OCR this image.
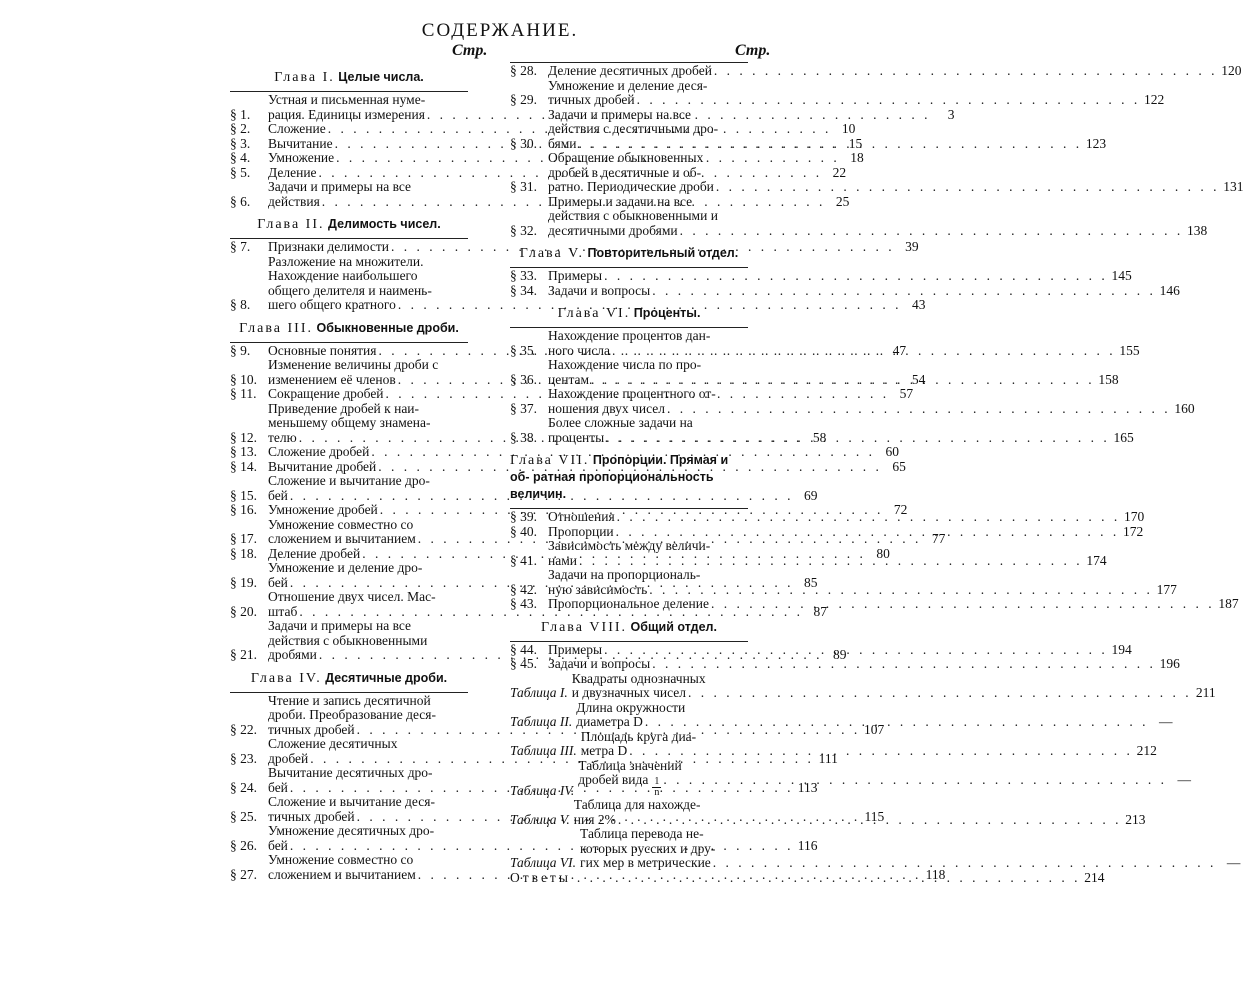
СОДЕРЖАНИЕ.
Стр.	Стр.
Глава I. Целые числа.
§ 1.
Устная и письменная нуме-
рация. Единицы измерения . . .	3
§ 2.	Сложение . . .	10
§ 3.	Вычитание . . .	15
§ 4.	Умножение . . .	18
§ 5.	Деление . . .	22
§ 6.
Задачи и примеры на все
действия . . .	25
Глава II. Делимость чисел.
§ 7.	Признаки делимости . . .	39
§ 8.
Разложение на множители.
Нахождение наибольшего
общего делителя и наимень-
шего общего кратного . . .	43
Глава III. Обыкновенные дроби.
§ 9.	Основные понятия . . .	47
§ 10.
Изменение величины дроби с
изменением её членов . . .	54
§ 11. Сокращение дробей . . .	57
§ 12.
Приведение дробей к наи-
меньшему общему знамена-
телю . . .	58
§ 13. Сложение дробей . . .	60
§ 14. Вычитание дробей . . .	65
§ 15.
Сложение и вычитание дро-
бей . . .	69
§ 16. Умножение дробей . . .	72
§ 17.
Умножение совместно со
сложением и вычитанием . . .	77
§ 18. Деление дробей . . .	80
§ 19.
Умножение и деление дро-
бей . . .	85
§ 20.
Отношение двух чисел. Мас-
штаб . . .	87
§ 21.
Задачи и примеры на все
действия с обыкновенными
дробями . . .	89
Глава IV. Десятичные дроби.
§ 22.
Чтение и запись десятичной
дроби. Преобразование деся-
тичных дробей . . .	107
§ 23.
Сложение десятичных
дробей . . .	111
§ 24.
Вычитание десятичных дро-
бей . . .	113
§ 25.
Сложение и вычитание деся-
тичных дробей . . .	115
§ 26.
Умножение десятичных дро-
бей . . .	116
§ 27.
Умножение совместно со
сложением и вычитанием . . .	118
§ 28. Деление десятичных дробей . . .	120
§ 29.
Умножение и деление деся-
тичных дробей . . .	122
§ 30.
Задачи и примеры на все
действия с десятичными дро-
бями . . .	123
§ 31.
Обращение обыкновенных
дробей в десятичные и об-
ратно. Периодические дроби . . .	131
§ 32.
Примеры и задачи на все
действия с обыкновенными и
десятичными дробями . . .	138
Глава V. Повторительный отдел.
§ 33. Примеры . . .	145
§ 34. Задачи и вопросы . . .	146
Глава VI. Проценты.
§ 35.
Нахождение процентов дан-
ного числа . . .	155
§ 36.
Нахождение числа по про-
центам . . .	158
§ 37.
Нахождение процентного от-
ношения двух чисел . . .	160
§ 38.
Более сложные задачи на
проценты . . .	165
Глава VII. Пропорции. Прямая и об- ратная пропорциональность величин.
§ 39. Отношения . . .	170
§ 40. Пропорции . . .	172
§ 41.
Зависимость между величи-
нами . . .	174
§ 42.
Задачи на пропорциональ-
ную зависимость . . .	177
§ 43. Пропорциональное деление . . .	187
Глава VIII. Общий отдел.
§ 44. Примеры . . .	194
§ 45. Задачи и вопросы . . .	196
Таблица I.
Квадраты однозначных
и двузначных чисел . . .	211
Таблица II.
Длина окружности
диаметра D . . .	—
Таблица III.
Площадь круга диа-
метра D . . .	212
Таблица IV.
Таблица значений
дробей вида $\frac{1}{n}$ . . .	—
Таблица V.
Таблица для нахожде-
ния 2% . . .	213
Таблица VI.
Таблица перевода не-
которых русских и дру-
гих мер в метрические . . .	—
Ответы . . .	214
